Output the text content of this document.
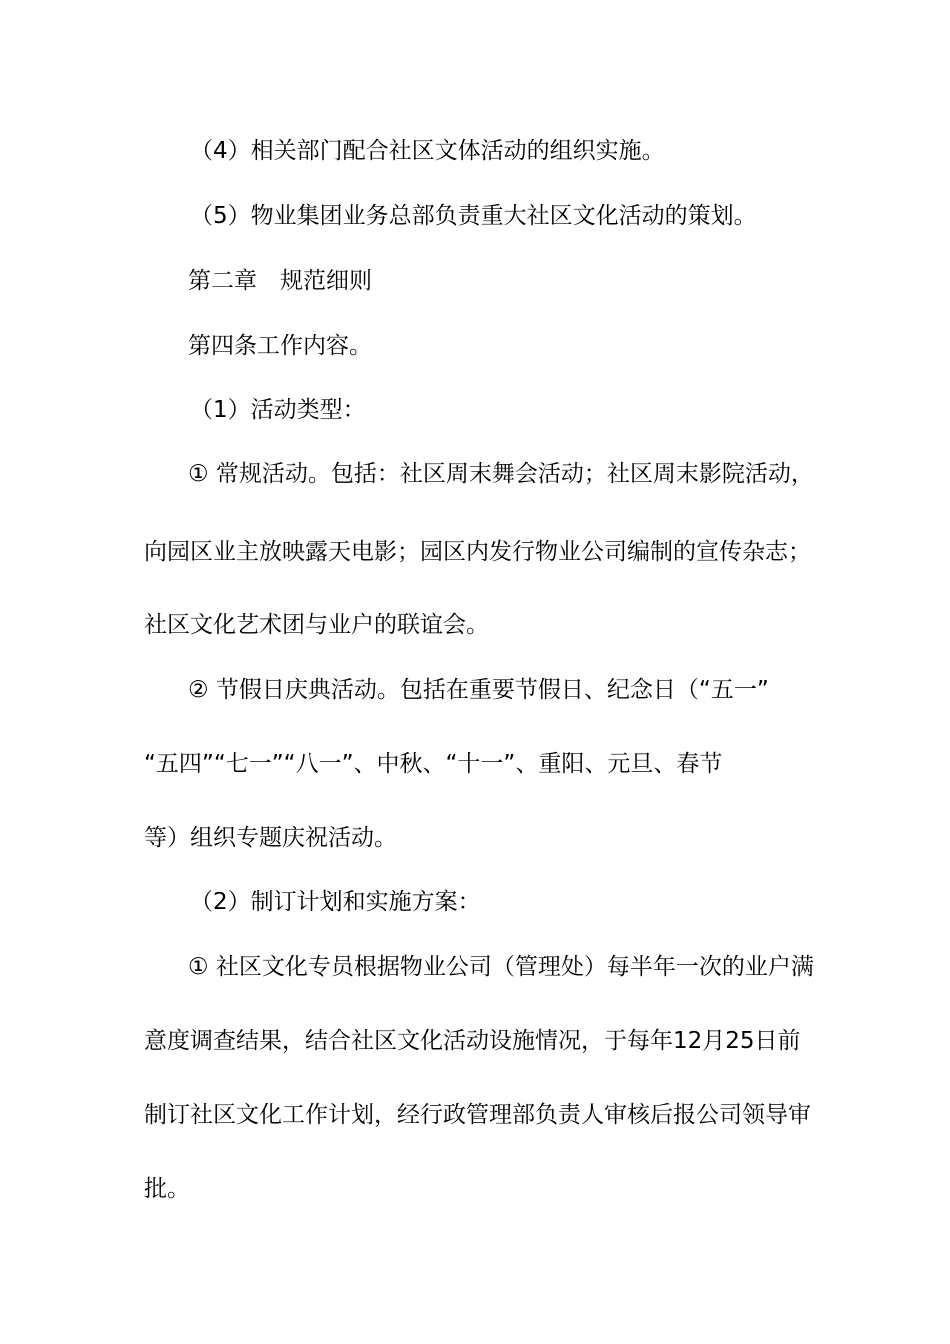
（4）相关部门配合社区文体活动的组织实施。
（5）物业集团业务总部负责重大社区文化活动的策划。
第二章　规范细则
第四条工作内容。
（1）活动类型：
① 常规活动。包括：社区周末舞会活动；社区周末影院活动，
向园区业主放映露天电影；园区内发行物业公司编制的宣传杂志；
社区文化艺术团与业户的联谊会。
② 节假日庆典活动。包括在重要节假日、纪念日（“五一”
“五四”“七一”“八一”、中秋、“十一”、重阳、元旦、春节
等）组织专题庆祝活动。
（2）制订计划和实施方案：
① 社区文化专员根据物业公司（管理处）每半年一次的业户满
意度调查结果，结合社区文化活动设施情况，于每年12月25日前
制订社区文化工作计划，经行政管理部负责人审核后报公司领导审
批。
